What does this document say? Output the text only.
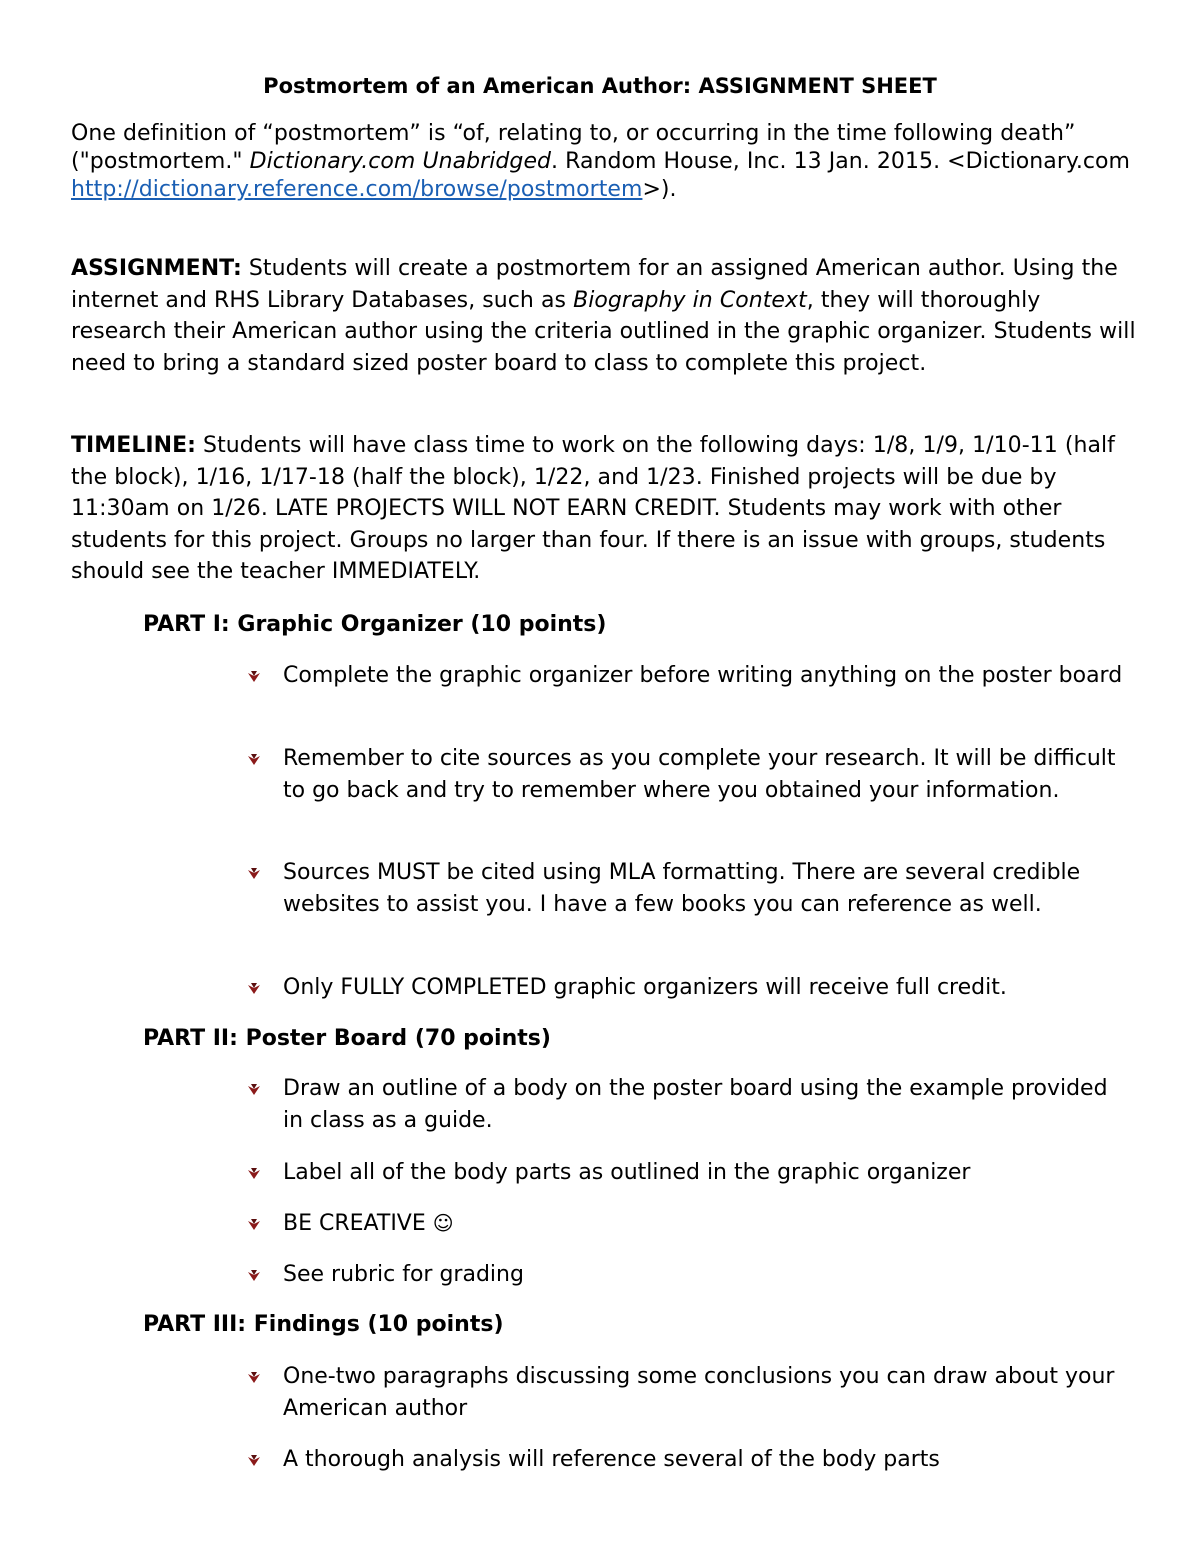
Postmortem of an American Author: ASSIGNMENT SHEET

One definition of “postmortem” is “of, relating to, or occurring in the time following death” ("postmortem." Dictionary.com Unabridged. Random House, Inc. 13 Jan. 2015. <Dictionary.com http://dictionary.reference.com/browse/postmortem>).

ASSIGNMENT: Students will create a postmortem for an assigned American author. Using the internet and RHS Library Databases, such as Biography in Context, they will thoroughly research their American author using the criteria outlined in the graphic organizer. Students will need to bring a standard sized poster board to class to complete this project.

TIMELINE: Students will have class time to work on the following days: 1/8, 1/9, 1/10-11 (half the block), 1/16, 1/17-18 (half the block), 1/22, and 1/23. Finished projects will be due by 11:30am on 1/26. LATE PROJECTS WILL NOT EARN CREDIT. Students may work with other students for this project. Groups no larger than four. If there is an issue with groups, students should see the teacher IMMEDIATELY.

PART I: Graphic Organizer (10 points)

Complete the graphic organizer before writing anything on the poster board

Remember to cite sources as you complete your research. It will be difficult to go back and try to remember where you obtained your information.

Sources MUST be cited using MLA formatting. There are several credible websites to assist you. I have a few books you can reference as well.

Only FULLY COMPLETED graphic organizers will receive full credit.

PART II: Poster Board (70 points)

Draw an outline of a body on the poster board using the example provided in class as a guide.

Label all of the body parts as outlined in the graphic organizer

BE CREATIVE ☺

See rubric for grading

PART III: Findings (10 points)

One-two paragraphs discussing some conclusions you can draw about your American author

A thorough analysis will reference several of the body parts
